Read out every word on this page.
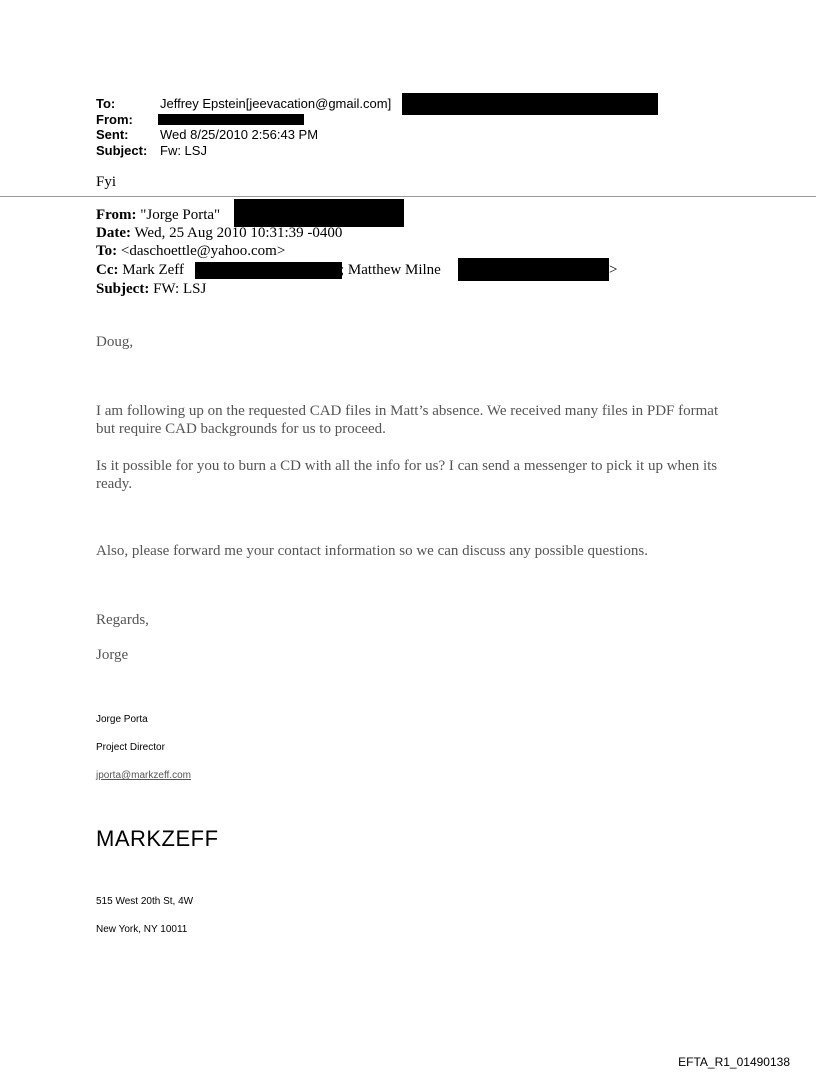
To:	Jeffrey Epstein[jeevacation@gmail.com]
From:
Sent: Wed 8/25/2010 2:56:43 PM
Subject: Fw: LSJ
Fyi
From: "Jorge Porta"
Date: Wed, 25 Aug 2010 10:31:39 -0400
To: <daschoettle@yahoo.com>
Cc: Mark Zeff	; Matthew Milne	>
Subject: FW: LSJ
Doug,
I am following up on the requested CAD files in Matt’s absence. We received many files in PDF format but require CAD backgrounds for us to proceed.
Is it possible for you to burn a CD with all the info for us? I can send a messenger to pick it up when its ready.
Also, please forward me your contact information so we can discuss any possible questions.
Regards,
Jorge
Jorge Porta
Project Director
jporta@markzeff.com
MARKZEFF
515 West 20th St, 4W
New York, NY 10011
EFTA_R1_01490138
